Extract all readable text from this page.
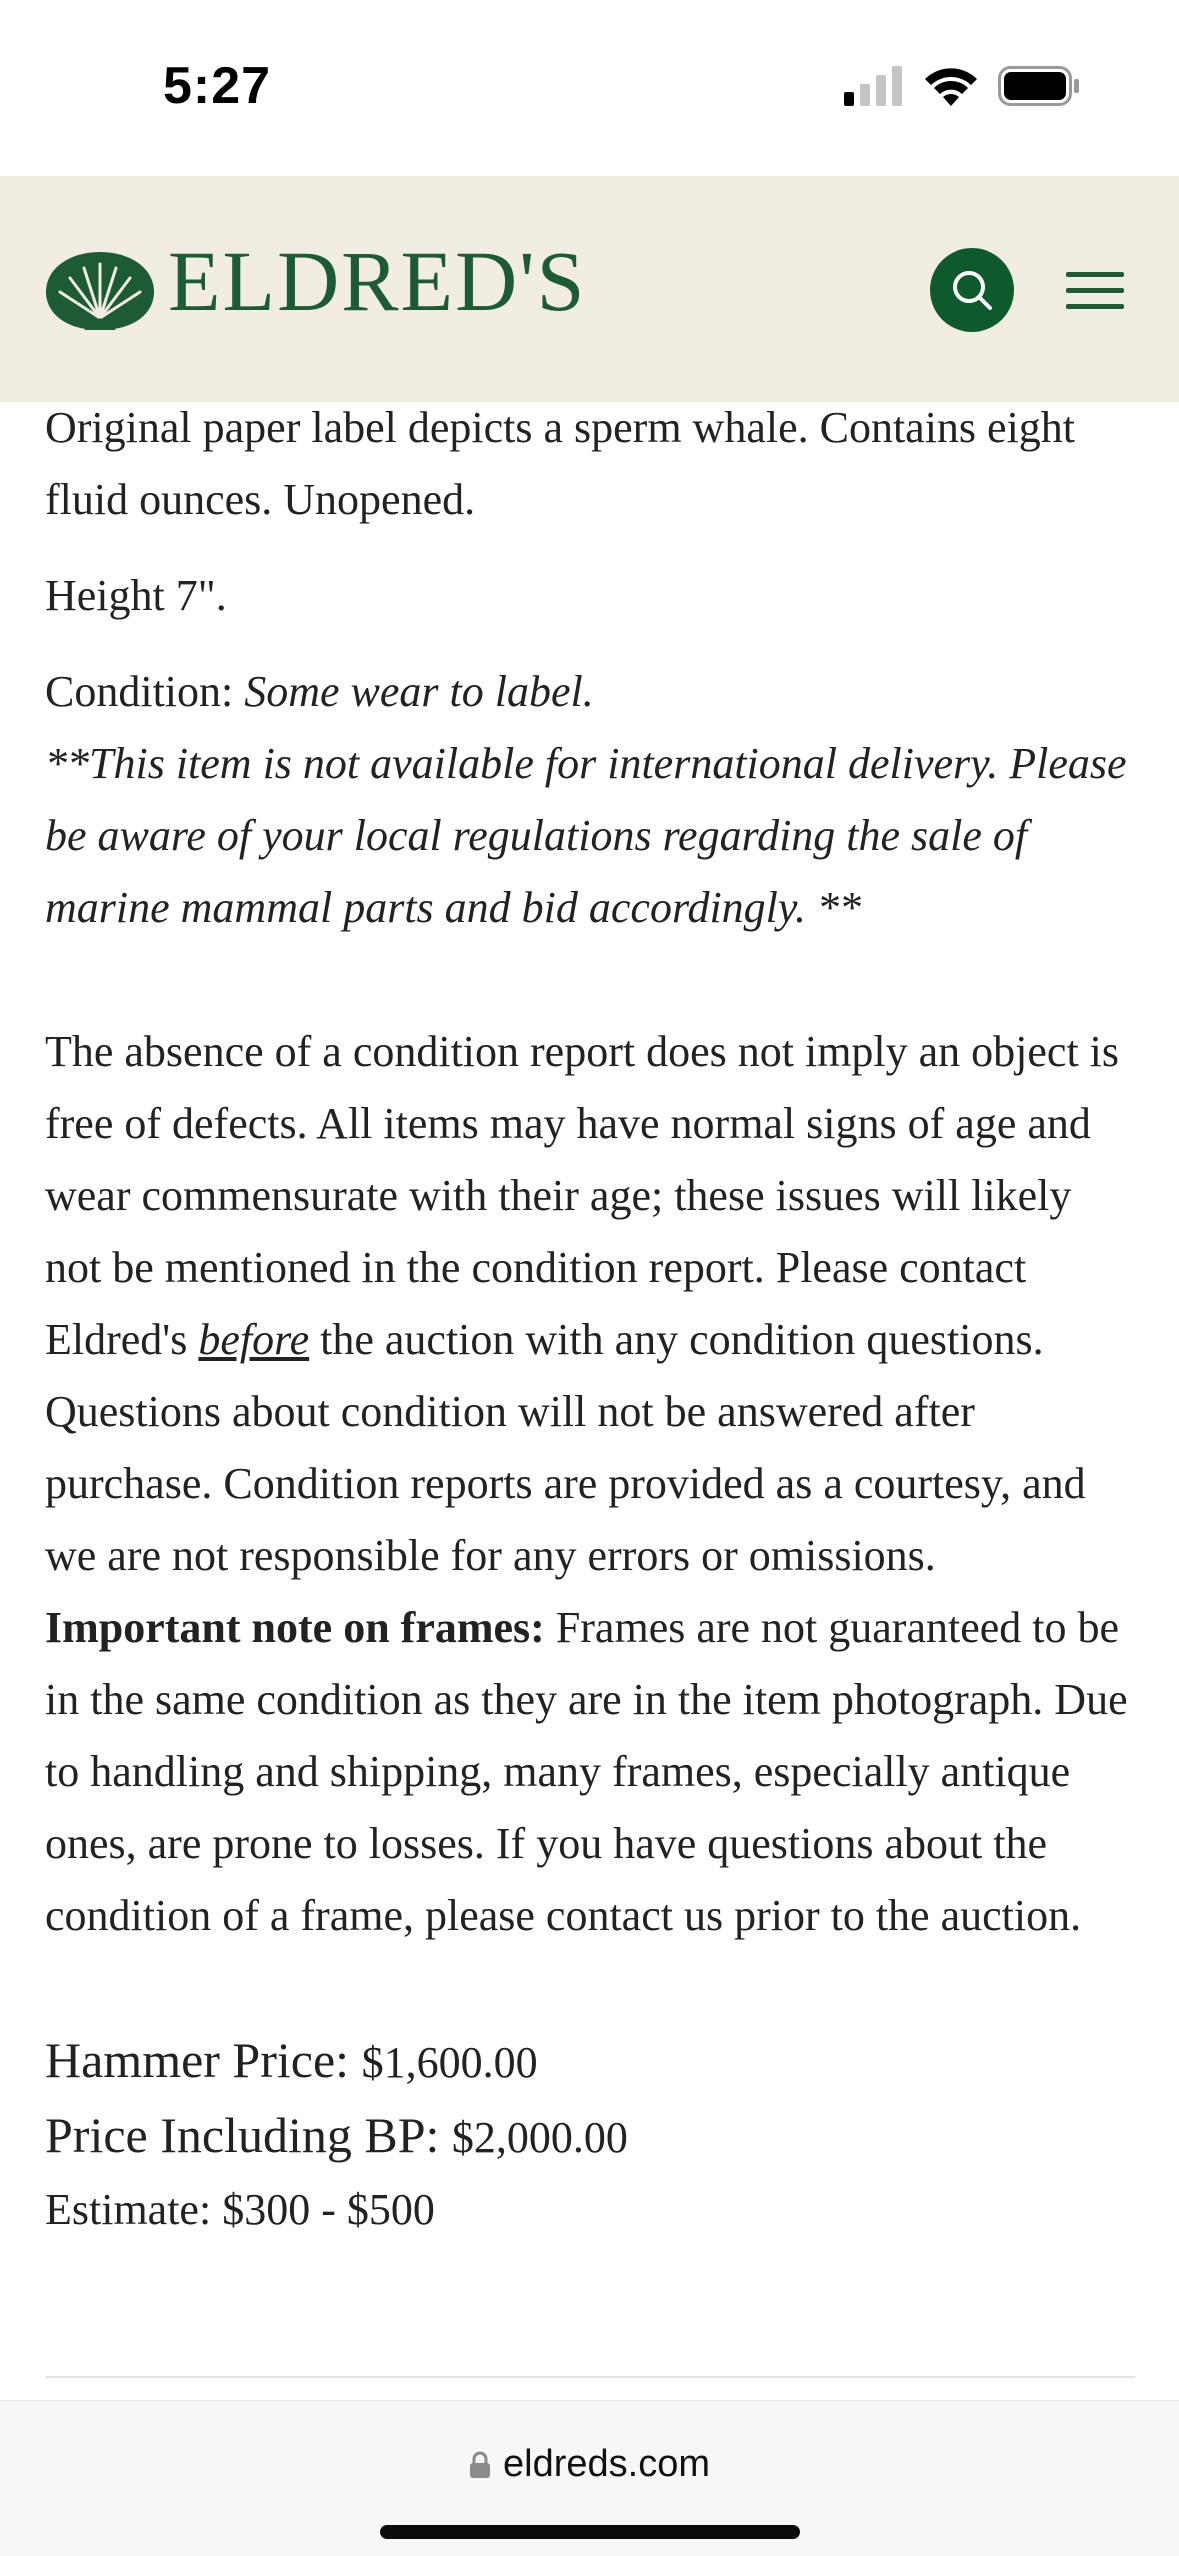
5:27
ELDRED'S

Original paper label depicts a sperm whale. Contains eight fluid ounces. Unopened.

Height 7".

Condition: Some wear to label.

**This item is not available for international delivery. Please be aware of your local regulations regarding the sale of marine mammal parts and bid accordingly. **

The absence of a condition report does not imply an object is free of defects. All items may have normal signs of age and wear commensurate with their age; these issues will likely not be mentioned in the condition report. Please contact Eldred's before the auction with any condition questions. Questions about condition will not be answered after purchase. Condition reports are provided as a courtesy, and we are not responsible for any errors or omissions. Important note on frames: Frames are not guaranteed to be in the same condition as they are in the item photograph. Due to handling and shipping, many frames, especially antique ones, are prone to losses. If you have questions about the condition of a frame, please contact us prior to the auction.

Hammer Price: $1,600.00

Price Including BP: $2,000.00

Estimate: $300 - $500

eldreds.com
